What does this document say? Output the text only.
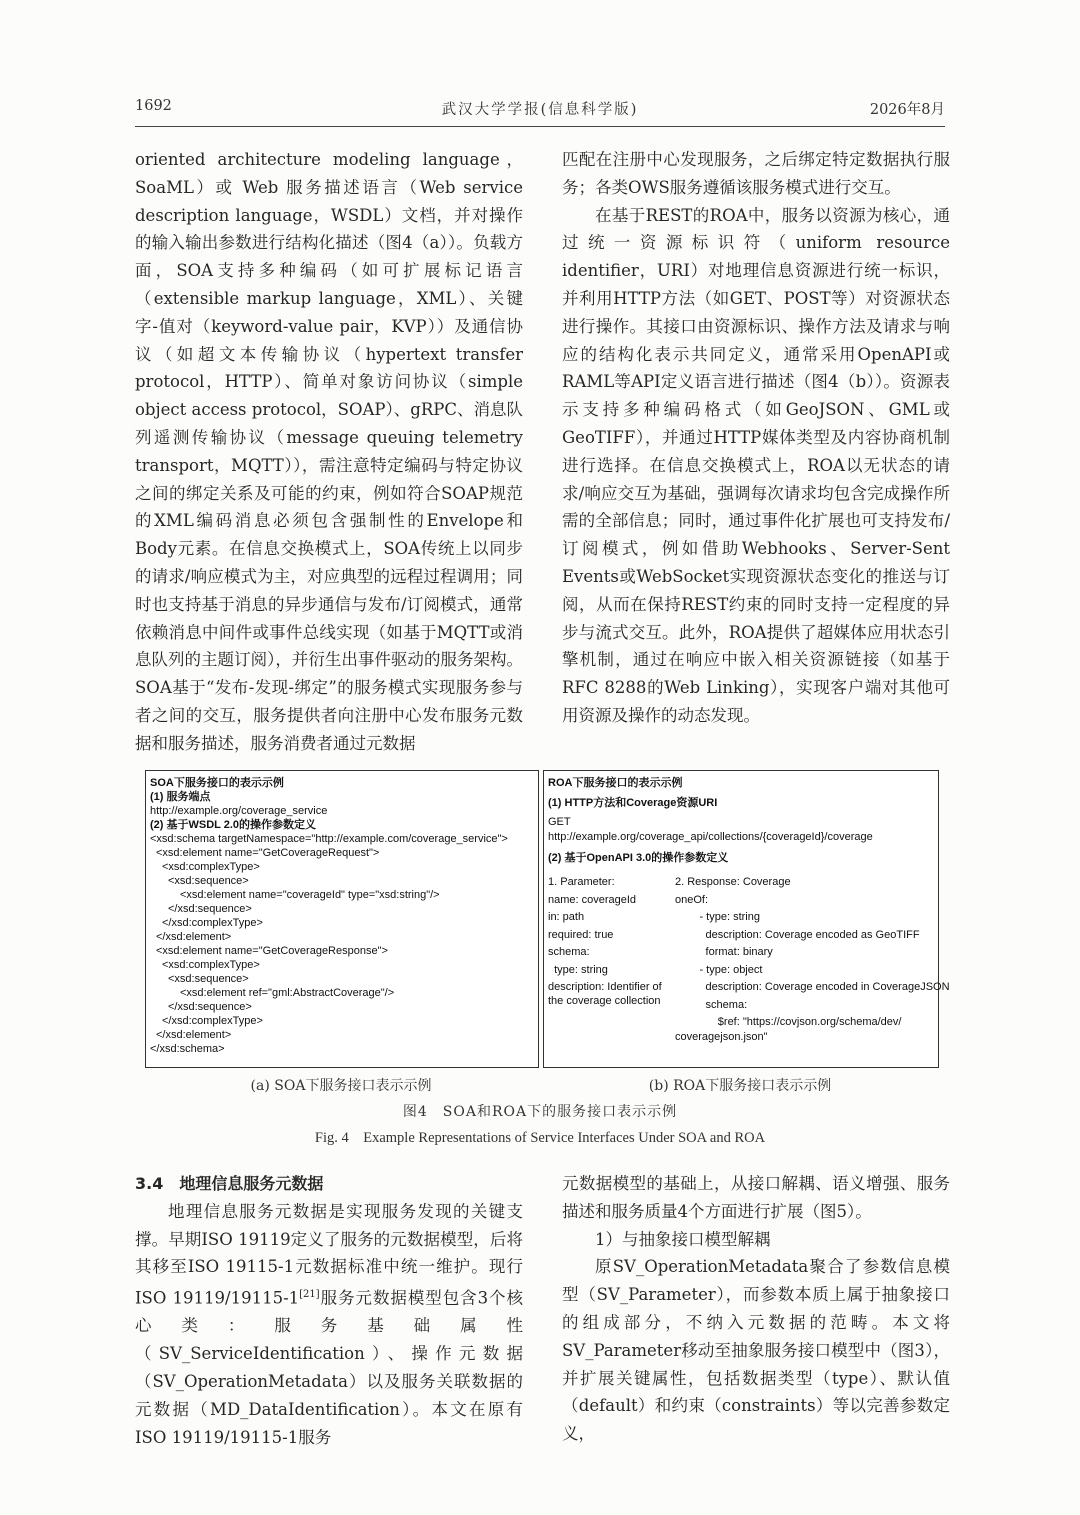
1692	武汉大学学报(信息科学版)	2026年8月

oriented architecture modeling language，SoaML）或 Web 服务描述语言（Web service description language，WSDL）文档，并对操作的输入输出参数进行结构化描述（图4（a））。负载方面，SOA支持多种编码（如可扩展标记语言（extensible markup language，XML）、关键字-值对（keyword-value pair，KVP））及通信协议（如超文本传输协议（hypertext transfer protocol，HTTP）、简单对象访问协议（simple object access protocol，SOAP）、gRPC、消息队列遥测传输协议（message queuing telemetry transport，MQTT）），需注意特定编码与特定协议之间的绑定关系及可能的约束，例如符合SOAP规范的XML编码消息必须包含强制性的Envelope和Body元素。在信息交换模式上，SOA传统上以同步的请求/响应模式为主，对应典型的远程过程调用；同时也支持基于消息的异步通信与发布/订阅模式，通常依赖消息中间件或事件总线实现（如基于MQTT或消息队列的主题订阅），并衍生出事件驱动的服务架构。SOA基于“发布-发现-绑定”的服务模式实现服务参与者之间的交互，服务提供者向注册中心发布服务元数据和服务描述，服务消费者通过元数据

匹配在注册中心发现服务，之后绑定特定数据执行服务；各类OWS服务遵循该服务模式进行交互。

在基于REST的ROA中，服务以资源为核心，通过统一资源标识符（uniform resource identifier，URI）对地理信息资源进行统一标识，并利用HTTP方法（如GET、POST等）对资源状态进行操作。其接口由资源标识、操作方法及请求与响应的结构化表示共同定义，通常采用OpenAPI或RAML等API定义语言进行描述（图4（b））。资源表示支持多种编码格式（如GeoJSON、GML或GeoTIFF），并通过HTTP媒体类型及内容协商机制进行选择。在信息交换模式上，ROA以无状态的请求/响应交互为基础，强调每次请求均包含完成操作所需的全部信息；同时，通过事件化扩展也可支持发布/订阅模式，例如借助Webhooks、Server-Sent Events或WebSocket实现资源状态变化的推送与订阅，从而在保持REST约束的同时支持一定程度的异步与流式交互。此外，ROA提供了超媒体应用状态引擎机制，通过在响应中嵌入相关资源链接（如基于RFC 8288的Web Linking），实现客户端对其他可用资源及操作的动态发现。

SOA下服务接口的表示示例
(1) 服务端点
http://example.org/coverage_service
(2) 基于WSDL 2.0的操作参数定义
<xsd:schema targetNamespace="http://example.com/coverage_service">
<xsd:element name="GetCoverageRequest">
<xsd:complexType>
<xsd:sequence>
<xsd:element name="coverageId" type="xsd:string"/>
</xsd:sequence>
</xsd:complexType>
</xsd:element>
<xsd:element name="GetCoverageResponse">
<xsd:complexType>
<xsd:sequence>
<xsd:element ref="gml:AbstractCoverage"/>
</xsd:sequence>
</xsd:complexType>
</xsd:element>
</xsd:schema>
ROA下服务接口的表示示例
(1) HTTP方法和Coverage资源URI
GET
http://example.org/coverage_api/collections/{coverageId}/coverage
(2) 基于OpenAPI 3.0的操作参数定义
1. Parameter:
name: coverageId
in: path
required: true
schema:
type: string
description: Identifier of
the coverage collection
2. Response: Coverage
oneOf:
- type: string
description: Coverage encoded as GeoTIFF
format: binary
- type: object
description: Coverage encoded in CoverageJSON
schema:
$ref: "https://covjson.org/schema/dev/
coveragejson.json"
(a) SOA下服务接口表示示例	(b) ROA下服务接口表示示例
图4　SOA和ROA下的服务接口表示示例
Fig. 4　Example Representations of Service Interfaces Under SOA and ROA

3.4　地理信息服务元数据

地理信息服务元数据是实现服务发现的关键支撑。早期ISO 19119定义了服务的元数据模型，后将其移至ISO 19115-1元数据标准中统一维护。现行ISO 19119/19115-1[21]服务元数据模型包含3个核心类：服务基础属性（SV_ServiceIdentification）、操作元数据（SV_OperationMetadata）以及服务关联数据的元数据（MD_DataIdentification）。本文在原有ISO 19119/19115-1服务

元数据模型的基础上，从接口解耦、语义增强、服务描述和服务质量4个方面进行扩展（图5）。

1）与抽象接口模型解耦

原SV_OperationMetadata聚合了参数信息模型（SV_Parameter），而参数本质上属于抽象接口的组成部分，不纳入元数据的范畴。本文将SV_Parameter移动至抽象服务接口模型中（图3），并扩展关键属性，包括数据类型（type）、默认值（default）和约束（constraints）等以完善参数定义，
